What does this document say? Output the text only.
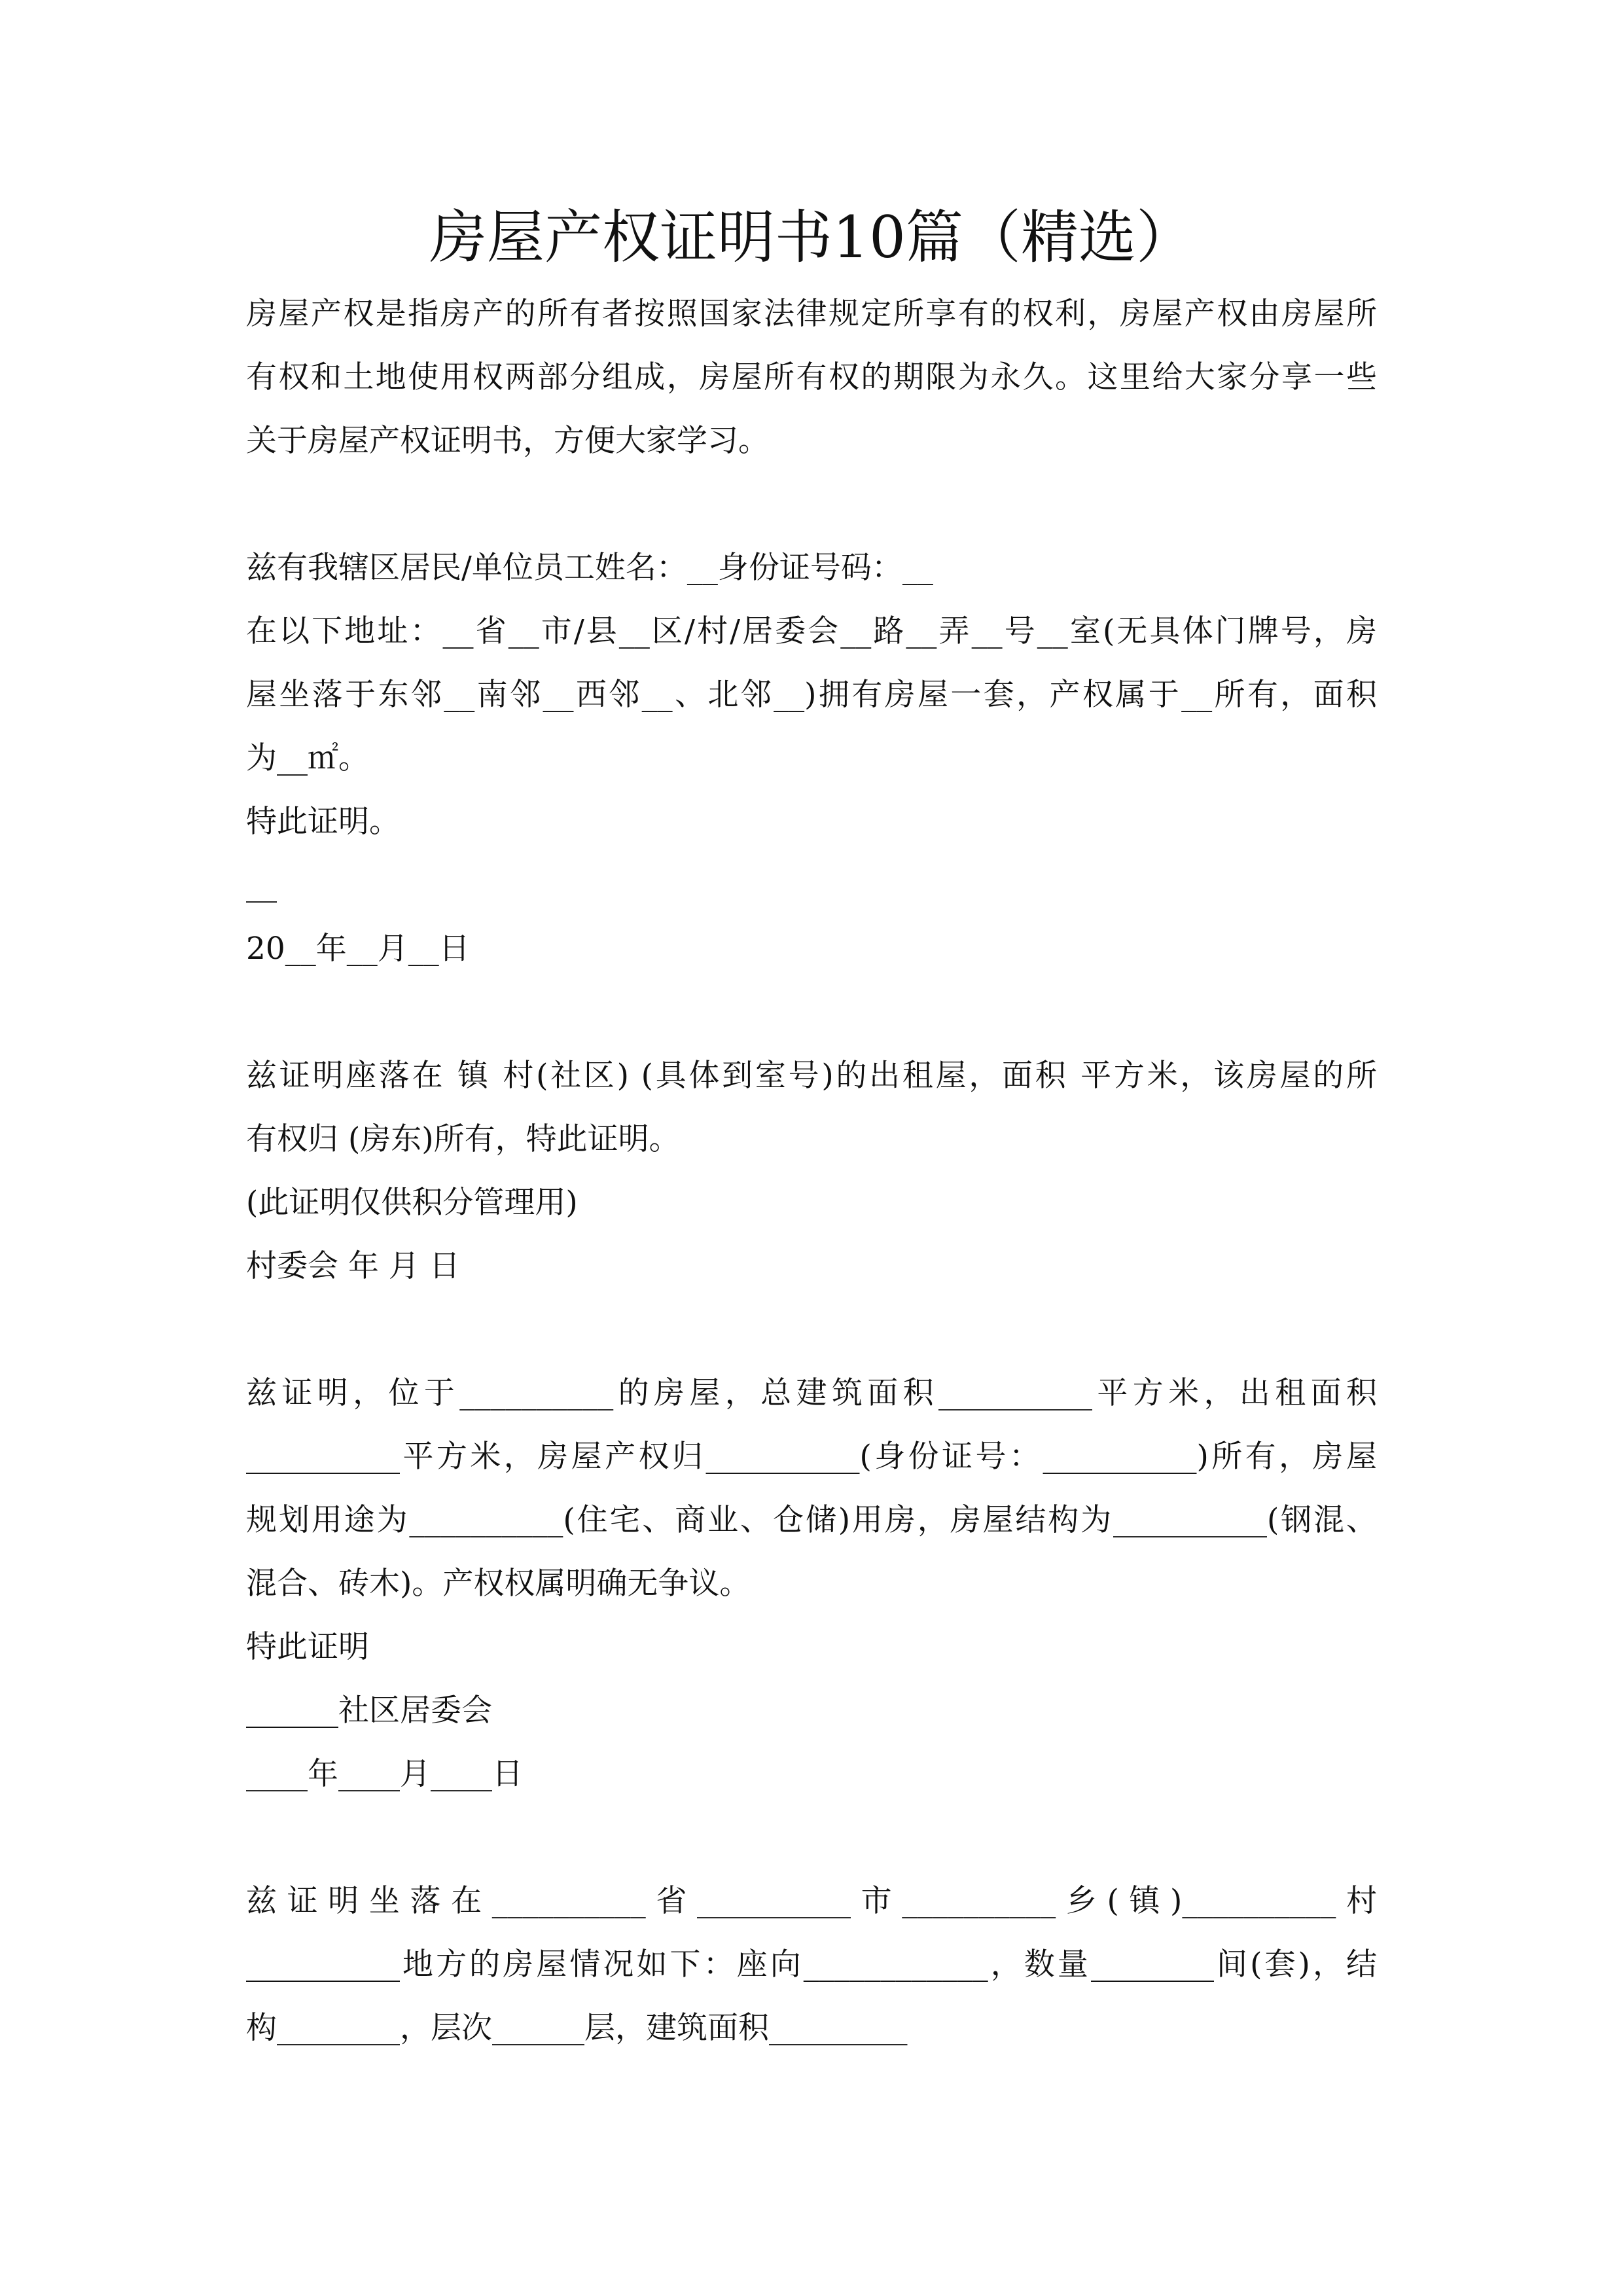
房屋产权证明书10篇（精选）
房屋产权是指房产的所有者按照国家法律规定所享有的权利，房屋产权由房屋所
有权和土地使用权两部分组成，房屋所有权的期限为永久。这里给大家分享一些
关于房屋产权证明书，方便大家学习。
兹有我辖区居民/单位员工姓名：__身份证号码：__
在以下地址：__省__市/县__区/村/居委会__路__弄__号__室(无具体门牌号，房
屋坐落于东邻__南邻__西邻__、北邻__)拥有房屋一套，产权属于__所有，面积
为__㎡。
特此证明。
__
20__年__月__日
兹证明座落在 镇 村(社区) (具体到室号)的出租屋，面积 平方米，该房屋的所
有权归 (房东)所有，特此证明。
(此证明仅供积分管理用)
村委会 年 月 日
兹证明，位于__________的房屋，总建筑面积__________平方米，出租面积
__________平方米，房屋产权归__________(身份证号：__________)所有，房屋
规划用途为__________(住宅、商业、仓储)用房，房屋结构为__________(钢混、
混合、砖木)。产权权属明确无争议。
特此证明
______社区居委会
____年____月____日
兹证明坐落在__________省__________市__________乡(镇)__________村
__________地方的房屋情况如下：座向____________，数量________间(套)，结
构________，层次______层，建筑面积_________
